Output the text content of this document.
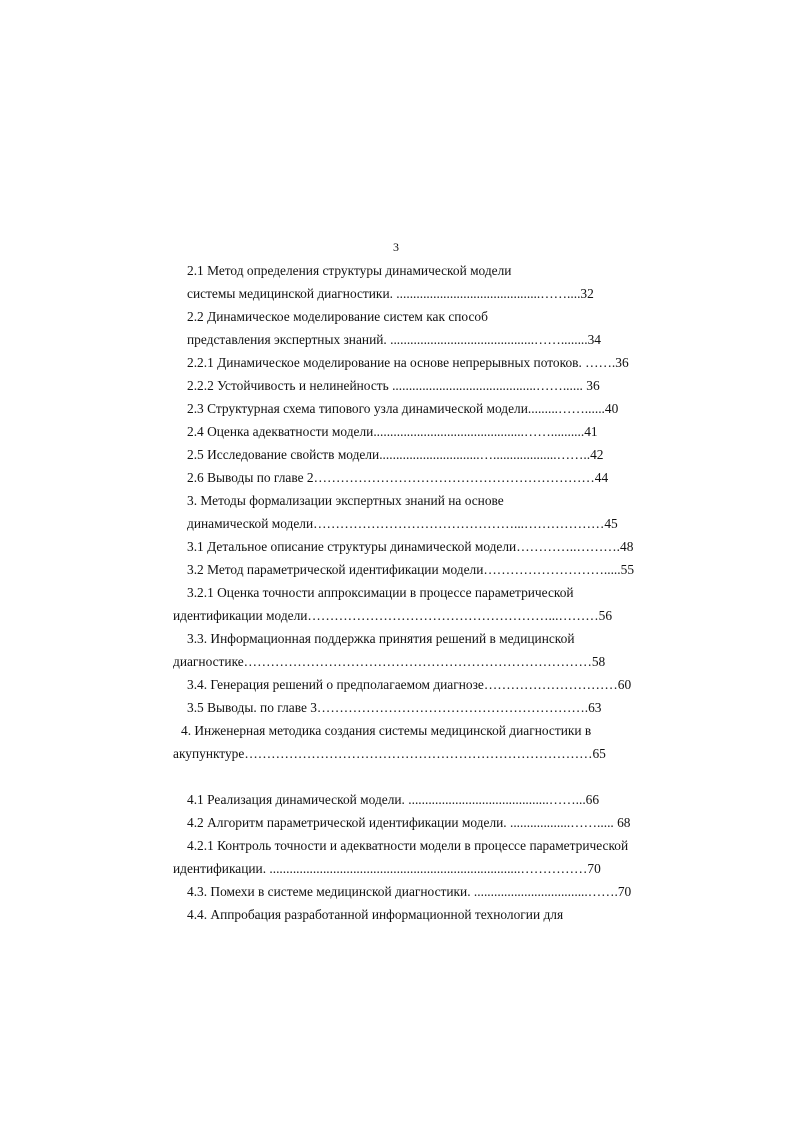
3
2.1 Метод определения структуры динамической модели
системы медицинской диагностики. ...........................................……....32
2.2 Динамическое моделирование систем как способ
представления экспертных знаний. ...........................................……........34
2.2.1 Динамическое моделирование на основе непрерывных потоков. …….36
2.2.2 Устойчивость и нелинейность ...........................................……...... 36
2.3 Структурная схема типового узла динамической модели.........……......40
2.4 Оценка адекватности модели.............................................……..........41
2.5 Исследование свойств модели..............................…...................……..42
2.6 Выводы по главе 2………………………………………………………44
3. Методы формализации экспертных знаний на основе
динамической модели………………………………………...………………45
3.1 Детальное описание структуры динамической модели…………..……….48
3.2 Метод параметрической идентификации модели……………………….....55
3.2.1 Оценка точности аппроксимации в процессе параметрической
идентификации модели………………………………………………...………56
3.3. Информационная поддержка принятия решений в медицинской
диагностике……………………………………………………………………58
3.4. Генерация решений о предполагаемом диагнозе…………………………60
3.5 Выводы. по главе 3…………………………………………………….63
4. Инженерная методика создания системы медицинской диагностики в
акупунктуре……………………………………………………………………65
4.1 Реализация динамической модели. ..........................................……...66
4.2 Алгоритм параметрической идентификации модели. ..................……..... 68
4.2.1 Контроль точности и адекватности модели в процессе параметрической
идентификации. ...........................................................................……………70
4.3. Помехи в системе медицинской диагностики. ..................................…….70
4.4. Аппробация разработанной информационной технологии для
